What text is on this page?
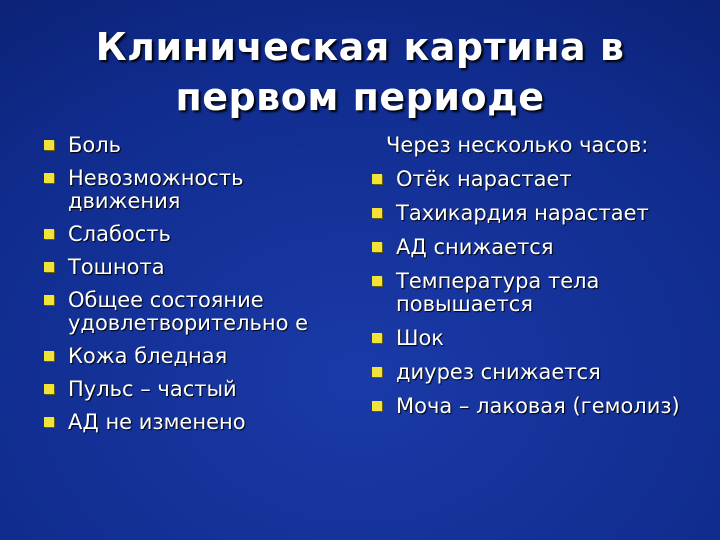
Клиническая картина в
первом периоде
Боль
Невозможность движения
Слабость
Тошнота
Общее состояние удовлетворительно е
Кожа бледная
Пульс – частый
АД не изменено
Через несколько часов:
Отёк нарастает
Тахикардия нарастает
АД снижается
Температура тела повышается
Шок
диурез снижается
Моча – лаковая (гемолиз)
